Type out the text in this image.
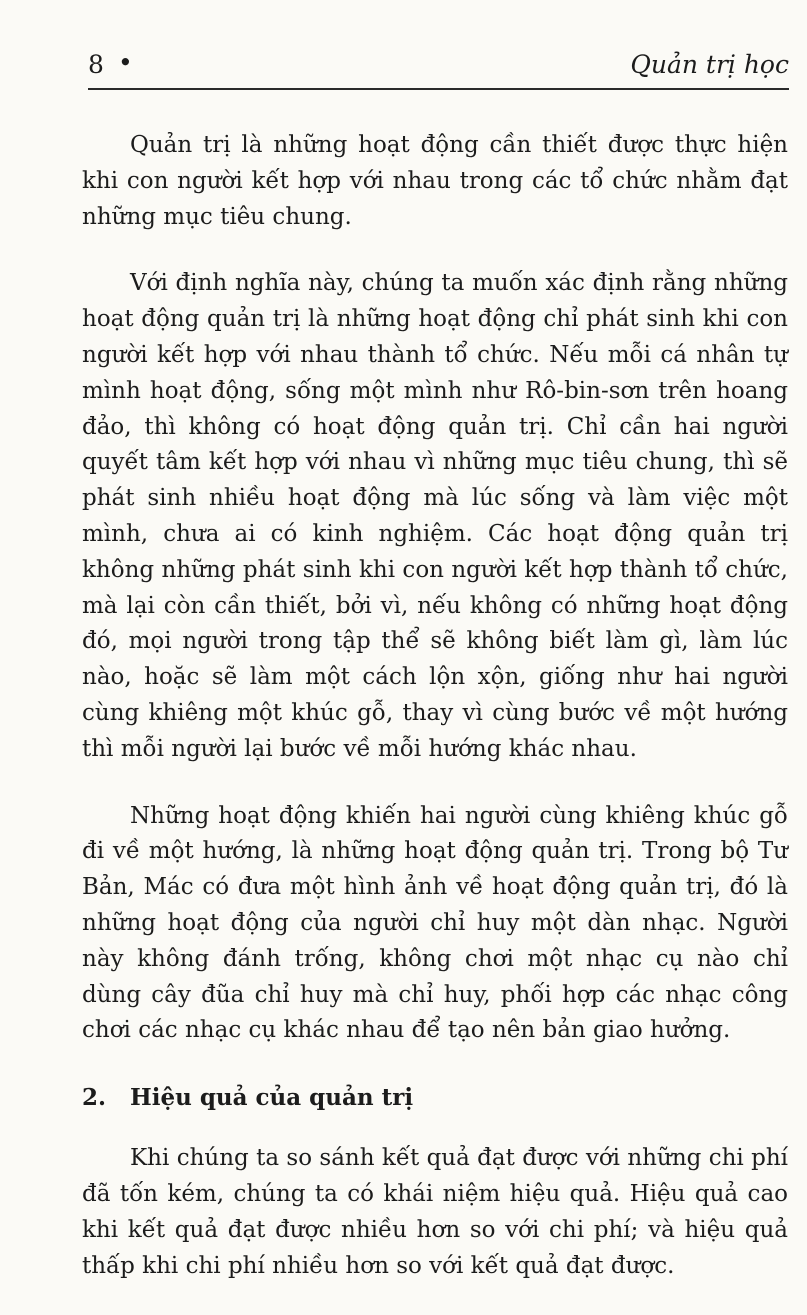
8 •	Quản trị học

Quản trị là những hoạt động cần thiết được thực hiện khi con người kết hợp với nhau trong các tổ chức nhằm đạt những mục tiêu chung.

Với định nghĩa này, chúng ta muốn xác định rằng những hoạt động quản trị là những hoạt động chỉ phát sinh khi con người kết hợp với nhau thành tổ chức. Nếu mỗi cá nhân tự mình hoạt động, sống một mình như Rô-bin-sơn trên hoang đảo, thì không có hoạt động quản trị. Chỉ cần hai người quyết tâm kết hợp với nhau vì những mục tiêu chung, thì sẽ phát sinh nhiều hoạt động mà lúc sống và làm việc một mình, chưa ai có kinh nghiệm. Các hoạt động quản trị không những phát sinh khi con người kết hợp thành tổ chức, mà lại còn cần thiết, bởi vì, nếu không có những hoạt động đó, mọi người trong tập thể sẽ không biết làm gì, làm lúc nào, hoặc sẽ làm một cách lộn xộn, giống như hai người cùng khiêng một khúc gỗ, thay vì cùng bước về một hướng thì mỗi người lại bước về mỗi hướng khác nhau.

Những hoạt động khiến hai người cùng khiêng khúc gỗ đi về một hướng, là những hoạt động quản trị. Trong bộ Tư Bản, Mác có đưa một hình ảnh về hoạt động quản trị, đó là những hoạt động của người chỉ huy một dàn nhạc. Người này không đánh trống, không chơi một nhạc cụ nào chỉ dùng cây đũa chỉ huy mà chỉ huy, phối hợp các nhạc công chơi các nhạc cụ khác nhau để tạo nên bản giao hưởng.

2.	Hiệu quả của quản trị

Khi chúng ta so sánh kết quả đạt được với những chi phí đã tốn kém, chúng ta có khái niệm hiệu quả. Hiệu quả cao khi kết quả đạt được nhiều hơn so với chi phí; và hiệu quả thấp khi chi phí nhiều hơn so với kết quả đạt được.
